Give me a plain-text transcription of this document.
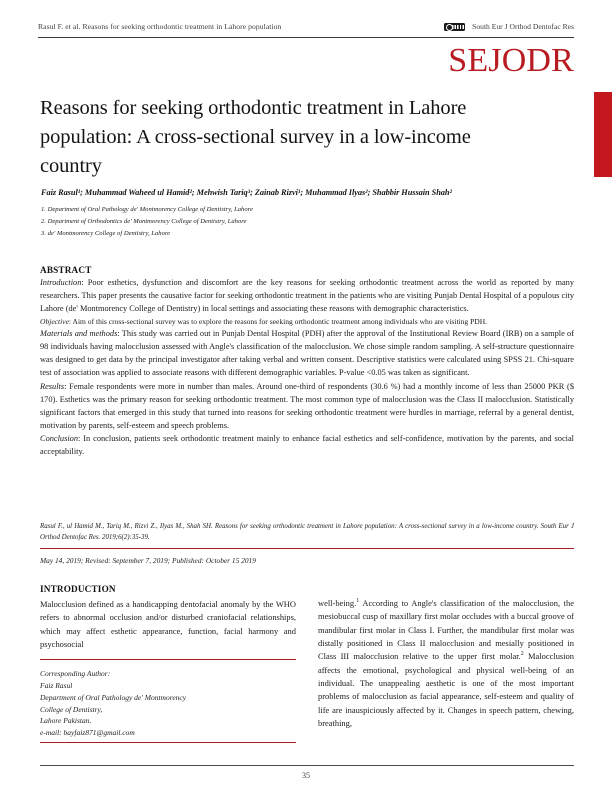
Rasul F. et al. Reasons for seeking orthodontic treatment in Lahore population	South Eur J Orthod Dentofac Res
SEJODR
Reasons for seeking orthodontic treatment in Lahore population: A cross-sectional survey in a low-income country
Faiz Rasul¹; Muhammad Waheed ul Hamid²; Mehwish Tariq³; Zainab Rizvi¹; Muhammad Ilyas²; Shabbir Hussain Shah²
1. Department of Oral Pathology de' Montmorency College of Dentistry, Lahore
2. Department of Orthodontics de' Montmorency College of Dentistry, Lahore
3. de' Montmorency College of Dentistry, Lahore
ABSTRACT

Introduction: Poor esthetics, dysfunction and discomfort are the key reasons for seeking orthodontic treatment across the world as reported by many researchers. This paper presents the causative factor for seeking orthodontic treatment in the patients who are visiting Punjab Dental Hospital of a populous city Lahore (de' Montmorency College of Dentistry) in local settings and associating these reasons with demographic characteristics.

Objective: Aim of this cross-sectional survey was to explore the reasons for seeking orthodontic treatment among individuals who are visiting PDH.

Materials and methods: This study was carried out in Punjab Dental Hospital (PDH) after the approval of the Institutional Review Board (IRB) on a sample of 98 individuals having malocclusion assessed with Angle's classification of the malocclusion. We chose simple random sampling. A self-structure questionnaire was designed to get data by the principal investigator after taking verbal and written consent. Descriptive statistics were calculated using SPSS 21. Chi-square test of association was applied to associate reasons with different demographic variables. P-value <0.05 was taken as significant.

Results: Female respondents were more in number than males. Around one-third of respondents (30.6 %) had a monthly income of less than 25000 PKR ($ 170). Esthetics was the primary reason for seeking orthodontic treatment. The most common type of malocclusion was the Class II malocclusion. Statistically significant factors that emerged in this study that turned into reasons for seeking orthodontic treatment were hurdles in marriage, referral by a general dentist, motivation by parents, self-esteem and speech problems.

Conclusion: In conclusion, patients seek orthodontic treatment mainly to enhance facial esthetics and self-confidence, motivation by the parents, and social acceptability.

Rasul F., ul Hamid M., Tariq M., Rizvi Z., Ilyas M., Shah SH. Reasons for seeking orthodontic treatment in Lahore population: A cross-sectional survey in a low-income country. South Eur J Orthod Dentofac Res. 2019;6(2):35-39.
May 14, 2019; Revised: September 7, 2019; Published: October 15 2019
INTRODUCTION

Malocclusion defined as a handicapping dentofacial anomaly by the WHO refers to abnormal occlusion and/or disturbed craniofacial relationships, which may affect esthetic appearance, function, facial harmony and psychosocial

Corresponding Author:
Faiz Rasul
Department of Oral Pathology de' Montmorency
College of Dentistry,
Lahore Pakistan.
e-mail: bayfaiz871@gmail.com

well-being.$^1$ According to Angle's classification of the malocclusion, the mesiobuccal cusp of maxillary first molar occludes with a buccal groove of mandibular first molar in Class I. Further, the mandibular first molar was distally positioned in Class II malocclusion and mesially positioned in Class III malocclusion relative to the upper first molar.$^2$ Malocclusion affects the emotional, psychological and physical well-being of an individual. The unappealing aesthetic is one of the most important problems of malocclusion as facial appearance, self-esteem and quality of life are inauspiciously affected by it. Changes in speech pattern, chewing, breathing,

35
